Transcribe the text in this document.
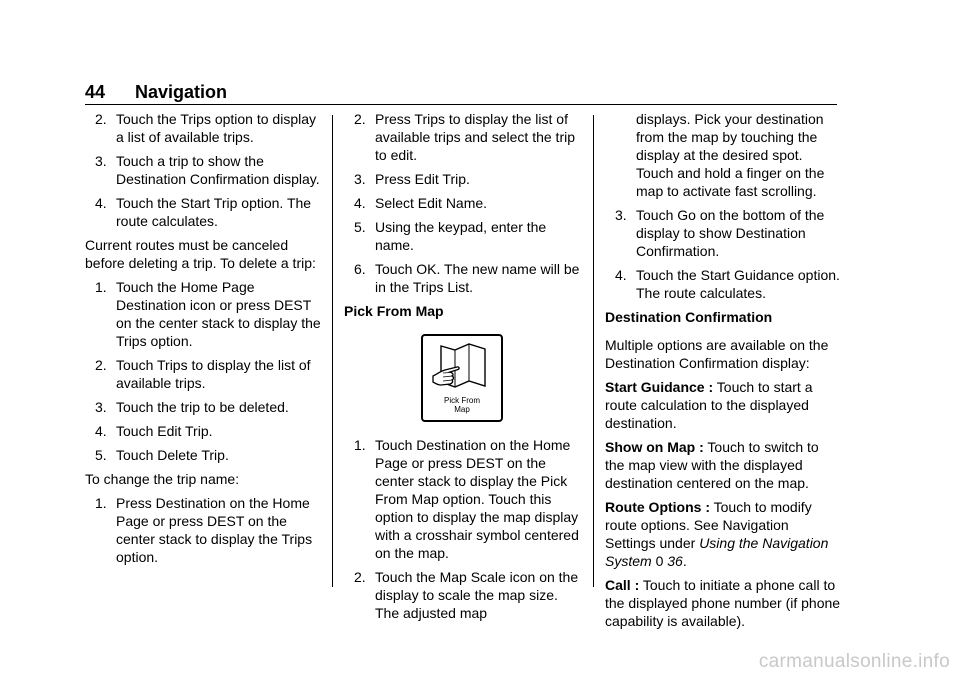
44 Navigation
2. Touch the Trips option to display a list of available trips.
3. Touch a trip to show the Destination Confirmation display.
4. Touch the Start Trip option. The route calculates.
Current routes must be canceled before deleting a trip. To delete a trip:
1. Touch the Home Page Destination icon or press DEST on the center stack to display the Trips option.
2. Touch Trips to display the list of available trips.
3. Touch the trip to be deleted.
4. Touch Edit Trip.
5. Touch Delete Trip.
To change the trip name:
1. Press Destination on the Home Page or press DEST on the center stack to display the Trips option.
2. Press Trips to display the list of available trips and select the trip to edit.
3. Press Edit Trip.
4. Select Edit Name.
5. Using the keypad, enter the name.
6. Touch OK. The new name will be in the Trips List.
Pick From Map
Pick From
Map
1. Touch Destination on the Home Page or press DEST on the center stack to display the Pick From Map option. Touch this option to display the map display with a crosshair symbol centered on the map.
2. Touch the Map Scale icon on the display to scale the map size. The adjusted map
displays. Pick your destination from the map by touching the display at the desired spot. Touch and hold a finger on the map to activate fast scrolling.
3. Touch Go on the bottom of the display to show Destination Confirmation.
4. Touch the Start Guidance option. The route calculates.
Destination Confirmation
Multiple options are available on the Destination Confirmation display:
Start Guidance : Touch to start a route calculation to the displayed destination.
Show on Map : Touch to switch to the map view with the displayed destination centered on the map.
Route Options : Touch to modify route options. See Navigation Settings under Using the Navigation System 0 36.
Call : Touch to initiate a phone call to the displayed phone number (if phone capability is available).
carmanualsonline.info
